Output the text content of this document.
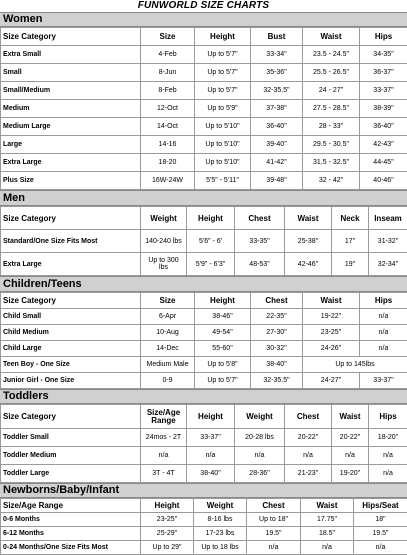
FUNWORLD SIZE CHARTS
Women
Size Category	Size	Height	Bust	Waist	Hips
Extra Small	4-Feb	Up to 5'7"	33-34"	23.5 - 24.5"	34-35"
Small	8-Jun	Up to 5'7"	35-36"	25.5 - 26.5"	36-37"
Small/Medium	8-Feb	Up to 5'7"	32-35.5"	24 - 27"	33-37"
Medium	12-Oct	Up to 5'9"	37-38"	27.5 - 28.5"	38-39"
Medium Large	14-Oct	Up to 5'10"	36-40"	28 - 33"	36-40"
Large	14-16	Up to 5'10"	39-40"	29.5 - 30.5"	42-43"
Extra Large	18-20	Up to 5'10"	41-42"	31.5 - 32.5"	44-45"
Plus Size	16W-24W	5'5" - 5'11"	39-48"	32 - 42"	40-46"
Men
Size Category	Weight	Height	Chest	Waist	Neck	Inseam
Standard/One Size Fits Most	140-240 lbs	5'6" - 6'	33-35"	25-38"	17"	31-32"
Extra Large	Up to 300 lbs	5'9" - 6'3"	48-53"	42-46"	19"	32-34"
Children/Teens
Size Category	Size	Height	Chest	Waist	Hips
Child Small	6-Apr	38-46"	22-35"	19-22"	n/a
Child Medium	10-Aug	49-54"	27-30"	23-25"	n/a
Child Large	14-Dec	55-60"	30-32"	24-26"	n/a
Teen Boy - One Size	Medium Male	Up to 5'8"	38-40"	Up to 145lbs	
Junior Girl - One Size	0-9	Up to 5'7"	32-35.5"	24-27"	33-37"
Toddlers
Size Category	Size/Age Range	Height	Weight	Chest	Waist	Hips
Toddler Small	24mos - 2T	33-37"	20-28 lbs	20-22"	20-22"	18-20"
Toddler Medium	n/a	n/a	n/a	n/a	n/a	n/a
Toddler Large	3T - 4T	38-40"	28-36"	21-23"	19-20"	n/a
Newborns/Baby/Infant
Size/Age Range	Height	Weight	Chest	Waist	Hips/Seat
0-6 Months	23-25"	8-16 lbs	Up to 18"	17.75"	18"
6-12 Months	25-29"	17-23 lbs	19.5"	18.5"	19.5"
0-24 Months/One Size Fits Most	Up to 29"	Up to 18 lbs	n/a	n/a	n/a
